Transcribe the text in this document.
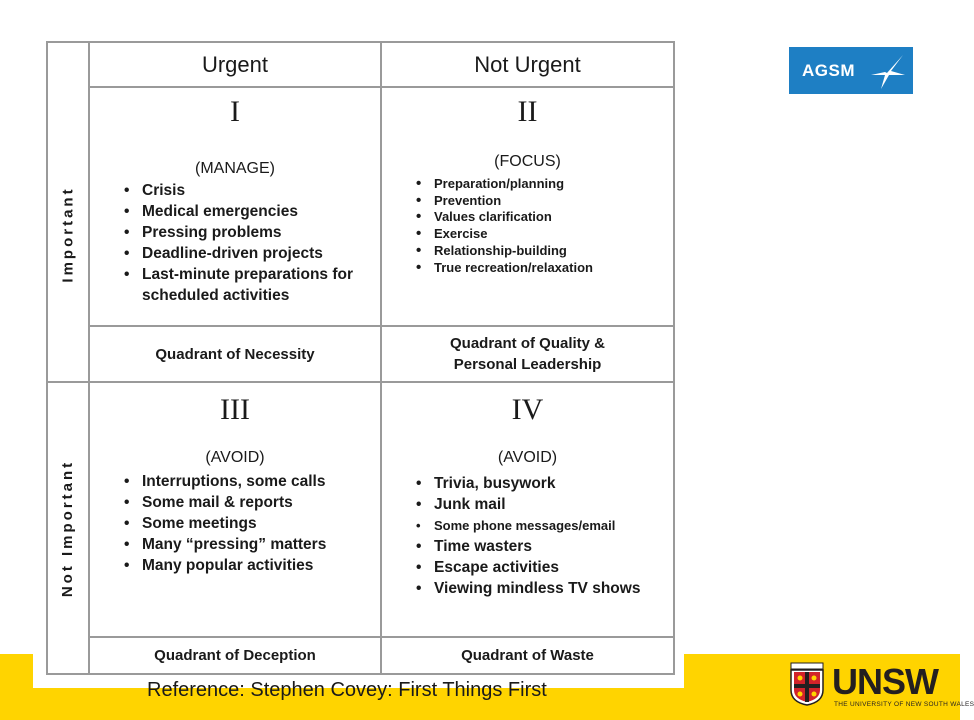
Urgent	Not Urgent
Important
Not Important
I
(MANAGE)
• Crisis
• Medical emergencies
• Pressing problems
• Deadline-driven projects
• Last-minute preparations for scheduled activities
Quadrant of Necessity
II
(FOCUS)
• Preparation/planning
• Prevention
• Values clarification
• Exercise
• Relationship-building
• True recreation/relaxation
Quadrant of Quality &
Personal Leadership
III
(AVOID)
• Interruptions, some calls
• Some mail & reports
• Some meetings
• Many “pressing” matters
• Many popular activities
Quadrant of Deception
IV
(AVOID)
• Trivia, busywork
• Junk mail
• Some phone messages/email
• Time wasters
• Escape activities
• Viewing mindless TV shows
Quadrant of Waste
AGSM
Reference: Stephen Covey: First Things First	UNSW
THE UNIVERSITY OF NEW SOUTH WALES
